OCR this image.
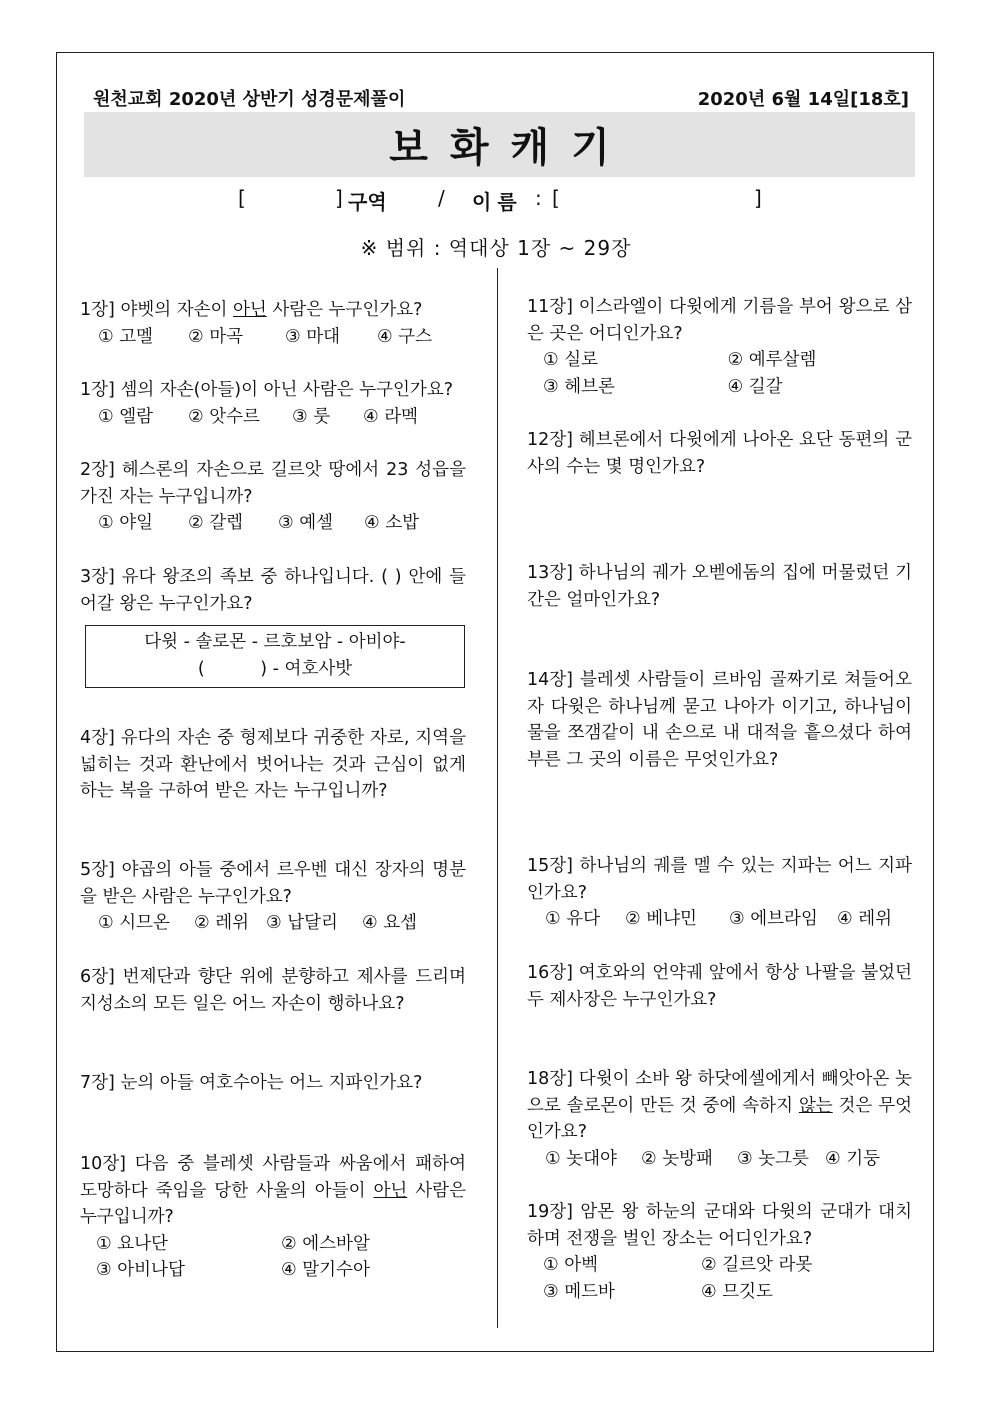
원천교회 2020년 상반기 성경문제풀이	2020년 6월 14일[18호]
보화캐기
[	] 구역	/ 이름 : [	]
※ 범위 : 역대상 1장 ~ 29장
1장] 야벳의 자손이 아닌 사람은 누구인가요?
① 고멜	② 마곡	③ 마대	④ 구스
1장] 셈의 자손(아들)이 아닌 사람은 누구인가요?
① 엘람	② 앗수르	③ 룻	④ 라멕
2장] 헤스론의 자손으로 길르앗 땅에서 23 성읍을 가진 자는 누구입니까?
① 야일	② 갈렙	③ 예셀	④ 소밥
3장] 유다 왕조의 족보 중 하나입니다. ( ) 안에 들어갈 왕은 누구인가요?
다윗 - 솔로몬 - 르호보암 - 아비야-
(          ) - 여호사밧
4장] 유다의 자손 중 형제보다 귀중한 자로, 지역을 넓히는 것과 환난에서 벗어나는 것과 근심이 없게 하는 복을 구하여 받은 자는 누구입니까?
5장] 야곱의 아들 중에서 르우벤 대신 장자의 명분을 받은 사람은 누구인가요?
① 시므온	② 레위 ③ 납달리	④ 요셉
6장] 번제단과 향단 위에 분향하고 제사를 드리며 지성소의 모든 일은 어느 자손이 행하나요?
7장] 눈의 아들 여호수아는 어느 지파인가요?
10장] 다음 중 블레셋 사람들과 싸움에서 패하여 도망하다 죽임을 당한 사울의 아들이 아닌 사람은 누구입니까?
① 요나단	② 에스바알
③ 아비나답	④ 말기수아
11장] 이스라엘이 다윗에게 기름을 부어 왕으로 삼은 곳은 어디인가요?
① 실로	② 예루살렘
③ 헤브론	④ 길갈
12장] 헤브론에서 다윗에게 나아온 요단 동편의 군사의 수는 몇 명인가요?
13장] 하나님의 궤가 오벧에돔의 집에 머물렀던 기간은 얼마인가요?
14장] 블레셋 사람들이 르바임 골짜기로 쳐들어오자 다윗은 하나님께 묻고 나아가 이기고, 하나님이 물을 쪼갬같이 내 손으로 내 대적을 흩으셨다 하여 부른 그 곳의 이름은 무엇인가요?
15장] 하나님의 궤를 멜 수 있는 지파는 어느 지파인가요?
① 유다	② 베냐민	③ 에브라임	④ 레위
16장] 여호와의 언약궤 앞에서 항상 나팔을 불었던 두 제사장은 누구인가요?
18장] 다윗이 소바 왕 하닷에셀에게서 빼앗아온 놋으로 솔로몬이 만든 것 중에 속하지 않는 것은 무엇인가요?
① 놋대야	② 놋방패	③ 놋그릇 ④ 기둥
19장] 암몬 왕 하눈의 군대와 다윗의 군대가 대치하며 전쟁을 벌인 장소는 어디인가요?
① 아벡	② 길르앗 라못
③ 메드바	④ 므깃도
